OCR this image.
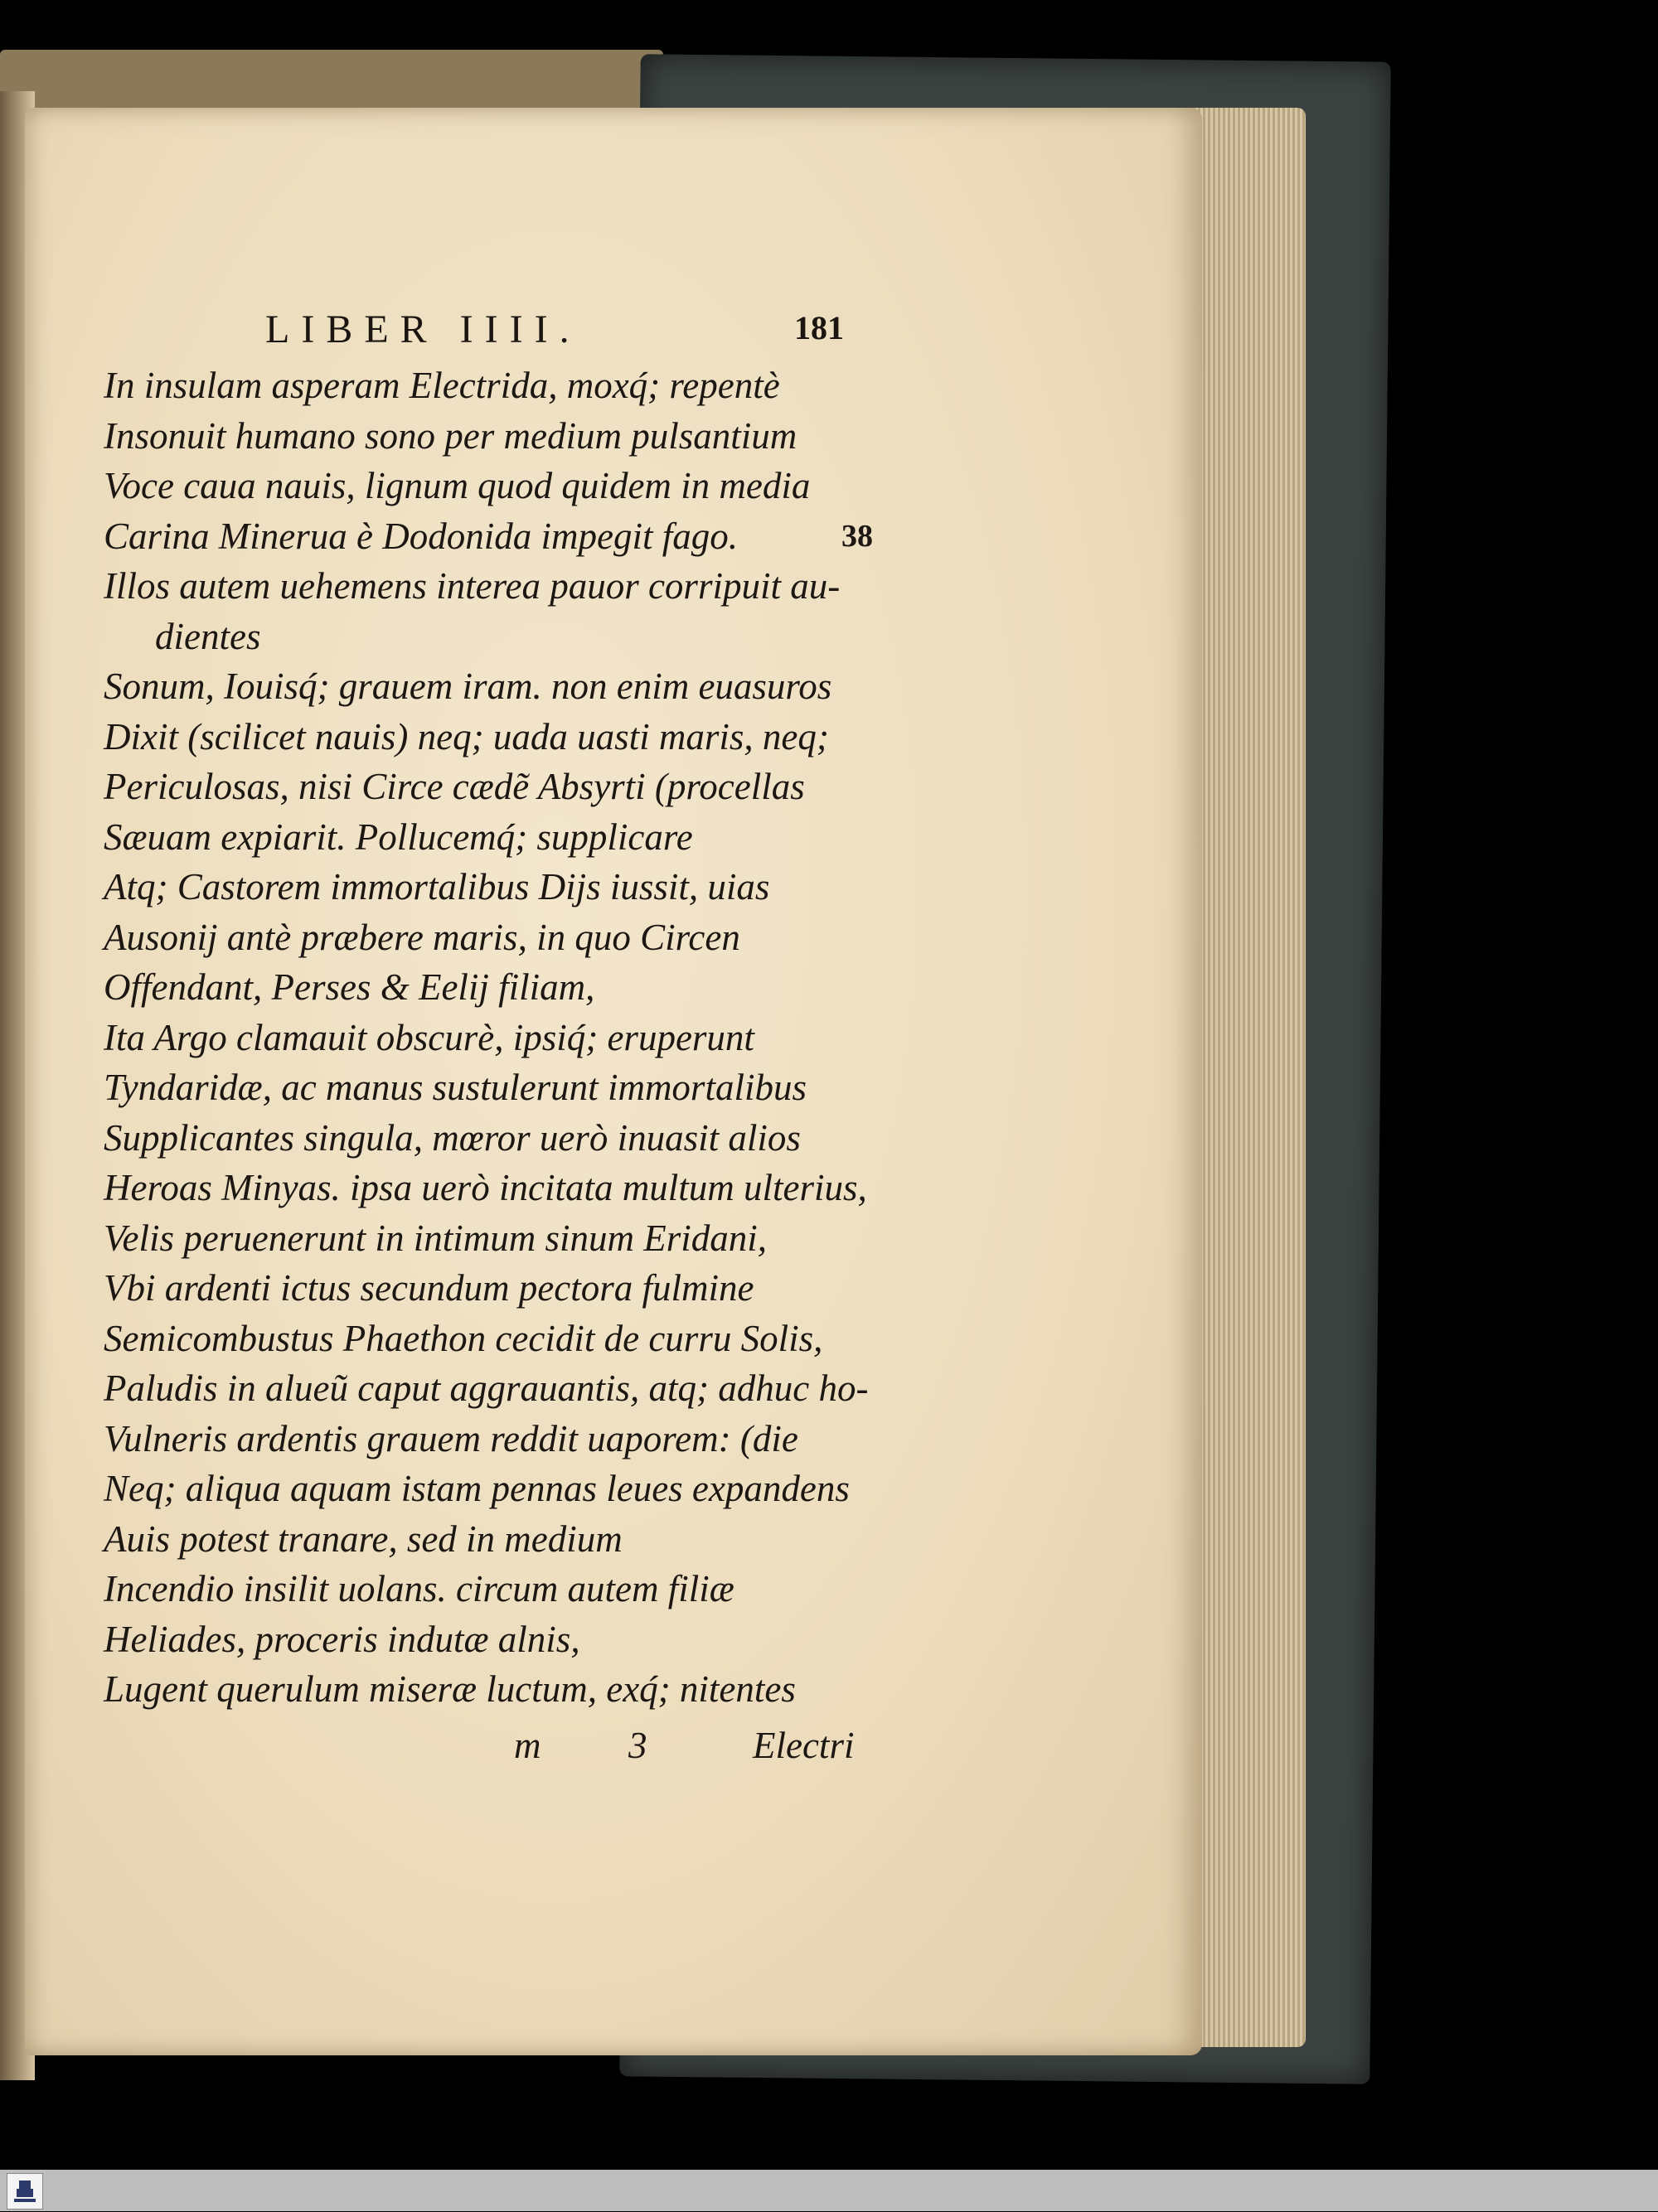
LIBER IIII.	181
38
In insulam asperam Electrida, moxq́; repentè
Insonuit humano sono per medium pulsantium
Voce caua nauis, lignum quod quidem in media
Carina Minerua è Dodonida impegit fago.
Illos autem uehemens interea pauor corripuit au-
dientes
Sonum, Iouisq́; grauem iram. non enim euasuros
Dixit (scilicet nauis) neq; uada uasti maris, neq;
Periculosas, nisi Circe cædẽ Absyrti (procellas
Sæuam expiarit. Pollucemq́; supplicare
Atq; Castorem immortalibus Dijs iussit, uias
Ausonij antè præbere maris, in quo Circen
Offendant, Perses & Eelij filiam,
Ita Argo clamauit obscurè, ipsiq́; eruperunt
Tyndaridæ, ac manus sustulerunt immortalibus
Supplicantes singula, mœror uerò inuasit alios
Heroas Minyas. ipsa uerò incitata multum ulterius,
Velis peruenerunt in intimum sinum Eridani,
Vbi ardenti ictus secundum pectora fulmine
Semicombustus Phaethon cecidit de curru Solis,
Paludis in alueũ caput aggrauantis, atq; adhuc ho-
Vulneris ardentis grauem reddit uaporem: (die
Neq; aliqua aquam istam pennas leues expandens
Auis potest tranare, sed in medium
Incendio insilit uolans. circum autem filiæ
Heliades, proceris indutæ alnis,
Lugent querulum miseræ luctum, exq́; nitentes
m 3	Electri
